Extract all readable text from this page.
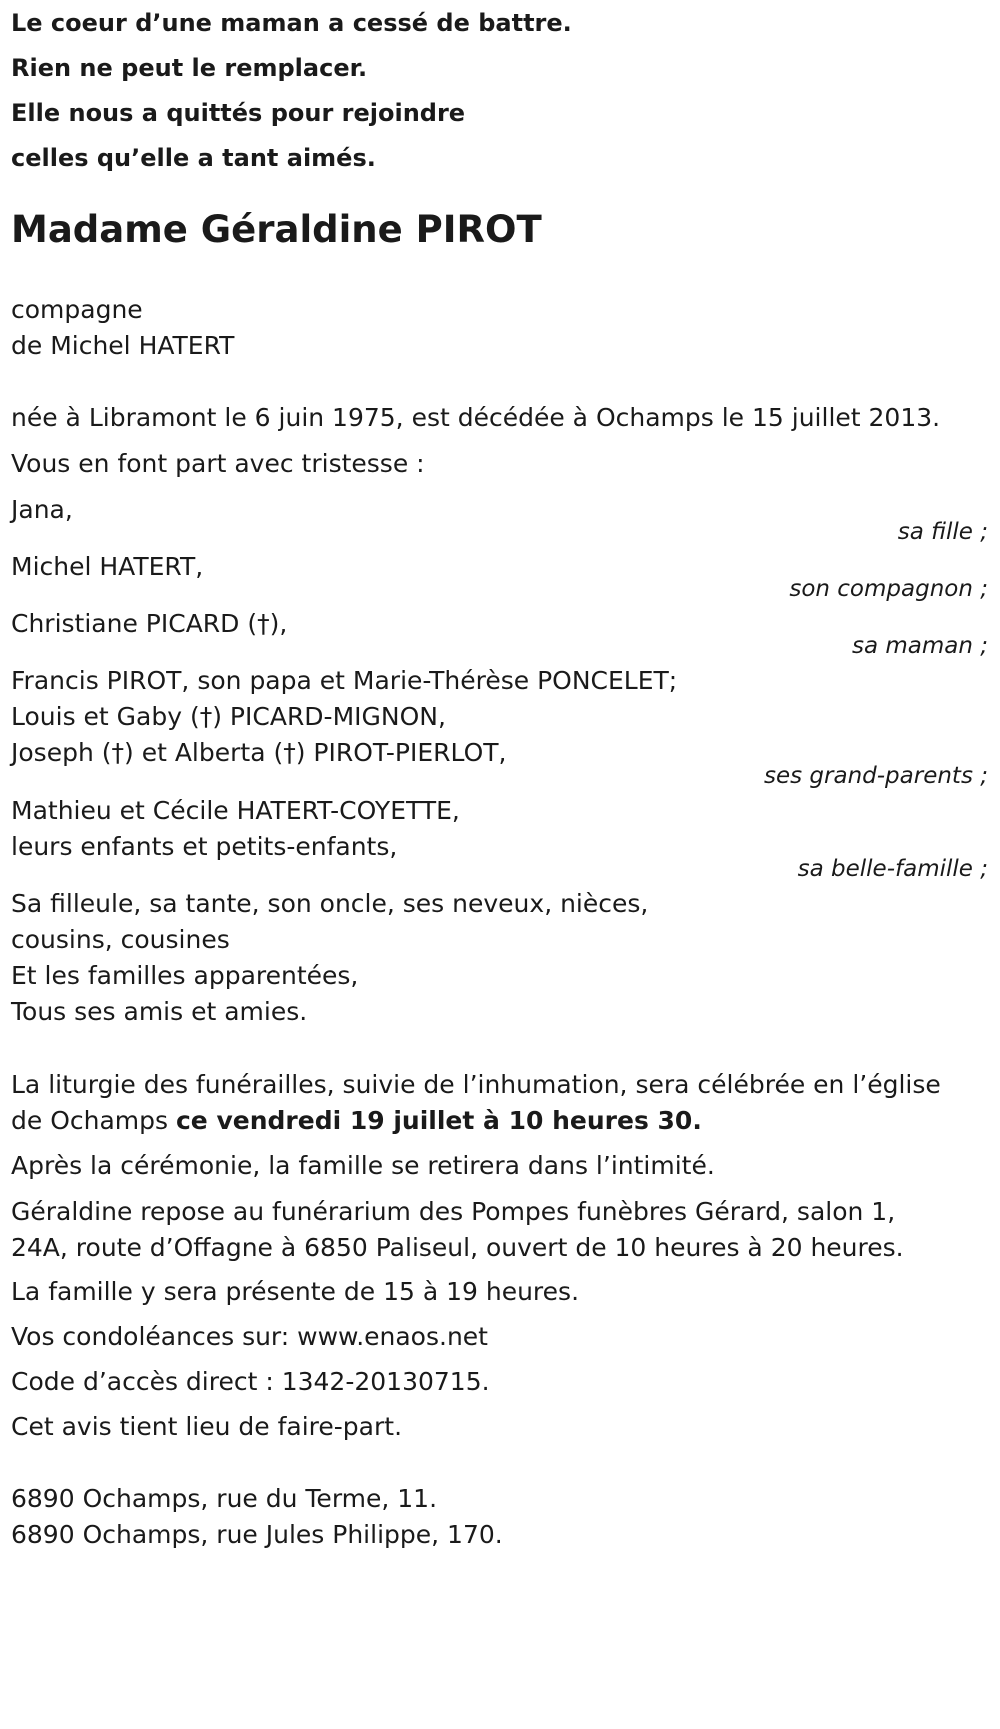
Le coeur d’une maman a cessé de battre.
Rien ne peut le remplacer.
Elle nous a quittés pour rejoindre
celles qu’elle a tant aimés.
Madame Géraldine PIROT
compagne
de Michel HATERT
née à Libramont le 6 juin 1975, est décédée à Ochamps le 15 juillet 2013.
Vous en font part avec tristesse :
Jana,
sa fille ;
Michel HATERT,
son compagnon ;
Christiane PICARD (†),
sa maman ;
Francis PIROT, son papa et Marie-Thérèse PONCELET;
Louis et Gaby (†) PICARD-MIGNON,
Joseph (†) et Alberta (†) PIROT-PIERLOT,
ses grand-parents ;
Mathieu et Cécile HATERT-COYETTE,
leurs enfants et petits-enfants,
sa belle-famille ;
Sa filleule, sa tante, son oncle, ses neveux, nièces,
cousins, cousines
Et les familles apparentées,
Tous ses amis et amies.
La liturgie des funérailles, suivie de l’inhumation, sera célébrée en l’église
de Ochamps ce vendredi 19 juillet à 10 heures 30.
Après la cérémonie, la famille se retirera dans l’intimité.
Géraldine repose au funérarium des Pompes funèbres Gérard, salon 1,
24A, route d’Offagne à 6850 Paliseul, ouvert de 10 heures à 20 heures.
La famille y sera présente de 15 à 19 heures.
Vos condoléances sur: www.enaos.net
Code d’accès direct : 1342-20130715.
Cet avis tient lieu de faire-part.
6890 Ochamps, rue du Terme, 11.
6890 Ochamps, rue Jules Philippe, 170.
